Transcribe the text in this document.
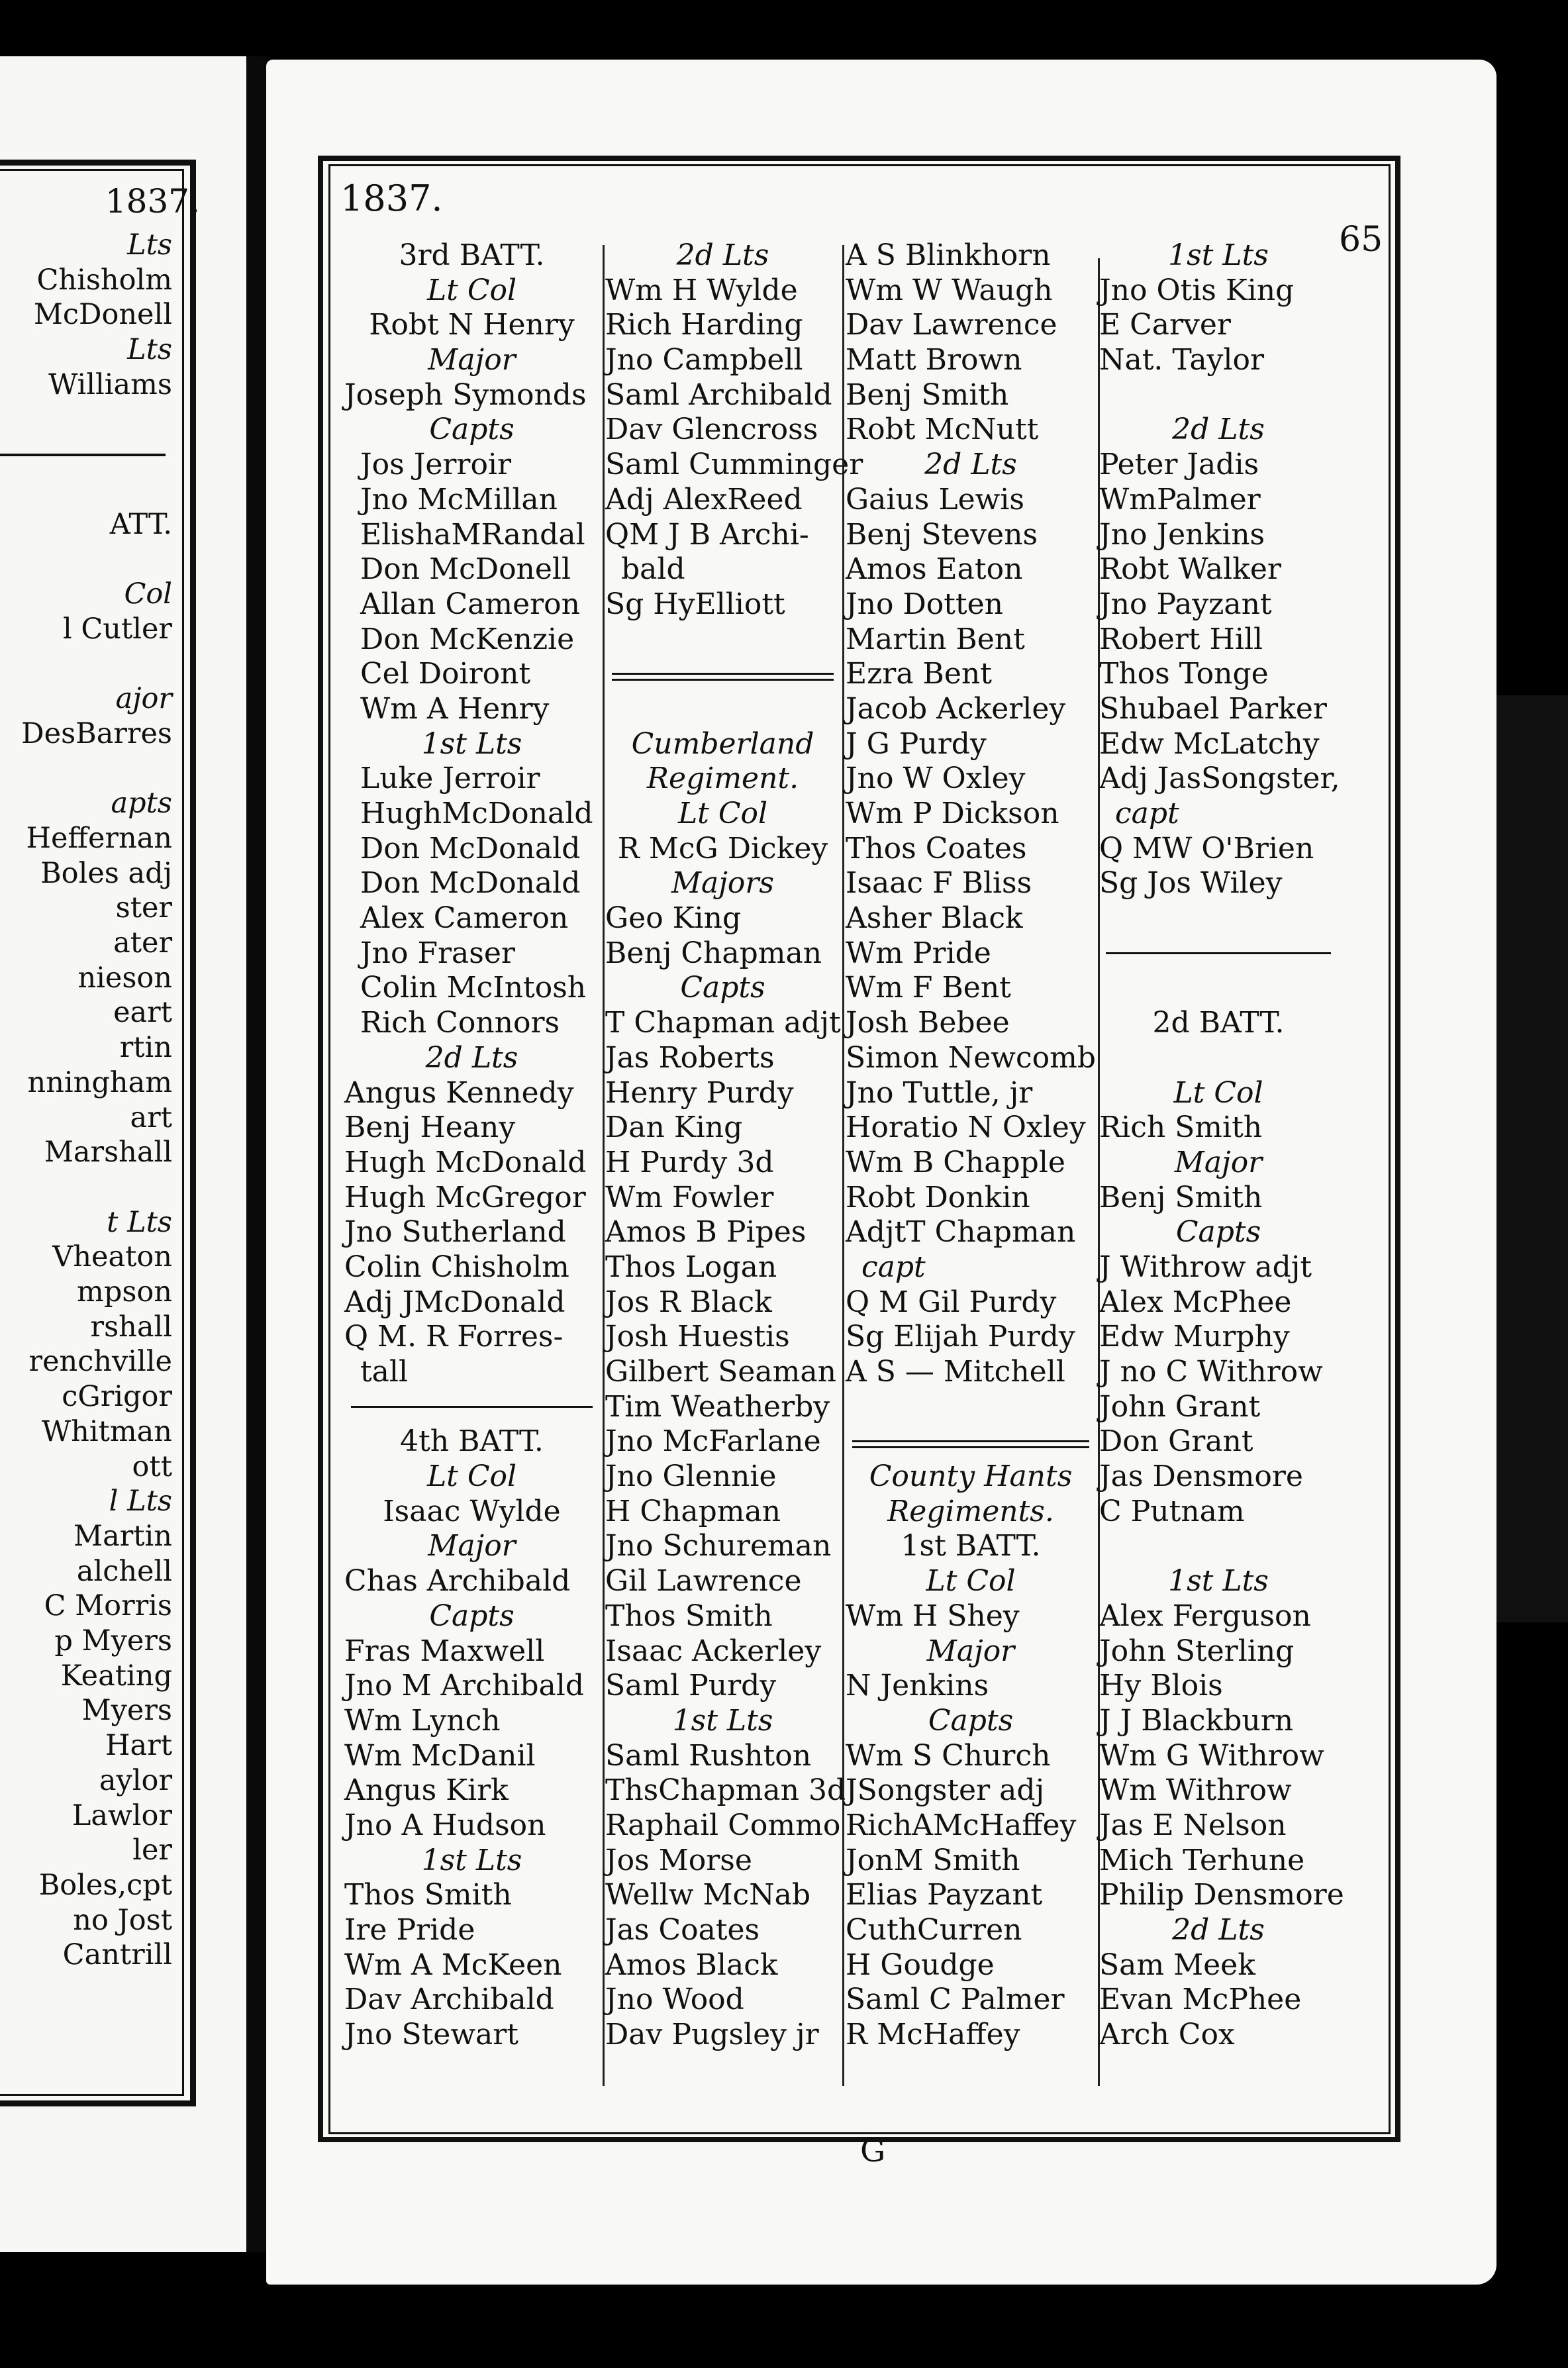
1837.
Lts
Chisholm
McDonell
Lts
Williams
ATT.
Col
l Cutler
ajor
DesBarres
apts
Heffernan
Boles adj
ster
ater
nieson
eart
rtin
nningham
art
Marshall
t Lts
Vheaton
mpson
rshall
renchville
cGrigor
Whitman
ott
l Lts
Martin
alchell
C Morris
p Myers
Keating
Myers
Hart
aylor
Lawlor
ler
Boles,cpt
no Jost
Cantrill
1837.
65
3rd BATT.
Lt Col
Robt N Henry
Major
Joseph Symonds
Capts
Jos Jerroir
Jno McMillan
ElishaMRandal
Don McDonell
Allan Cameron
Don McKenzie
Cel Doiront
Wm A Henry
1st Lts
Luke Jerroir
HughMcDonald
Don McDonald
Don McDonald
Alex Cameron
Jno Fraser
Colin McIntosh
Rich Connors
2d Lts
Angus Kennedy
Benj Heany
Hugh McDonald
Hugh McGregor
Jno Sutherland
Colin Chisholm
Adj JMcDonald
Q M. R Forres-
tall
4th BATT.
Lt Col
Isaac Wylde
Major
Chas Archibald
Capts
Fras Maxwell
Jno M Archibald
Wm Lynch
Wm McDanil
Angus Kirk
Jno A Hudson
1st Lts
Thos Smith
Ire Pride
Wm A McKeen
Dav Archibald
Jno Stewart
2d Lts
Wm H Wylde
Rich Harding
Jno Campbell
Saml Archibald
Dav Glencross
Saml Cumminger
Adj AlexReed
QM J B Archi-
bald
Sg HyElliott
Cumberland
Regiment.
Lt Col
R McG Dickey
Majors
Geo King
Benj Chapman
Capts
T Chapman adjt
Jas Roberts
Henry Purdy
Dan King
H Purdy 3d
Wm Fowler
Amos B Pipes
Thos Logan
Jos R Black
Josh Huestis
Gilbert Seaman
Tim Weatherby
Jno McFarlane
Jno Glennie
H Chapman
Jno Schureman
Gil Lawrence
Thos Smith
Isaac Ackerley
Saml Purdy
1st Lts
Saml Rushton
ThsChapman 3d
Raphail Commo
Jos Morse
Wellw McNab
Jas Coates
Amos Black
Jno Wood
Dav Pugsley jr
A S Blinkhorn
Wm W Waugh
Dav Lawrence
Matt Brown
Benj Smith
Robt McNutt
2d Lts
Gaius Lewis
Benj Stevens
Amos Eaton
Jno Dotten
Martin Bent
Ezra Bent
Jacob Ackerley
J G Purdy
Jno W Oxley
Wm P Dickson
Thos Coates
Isaac F Bliss
Asher Black
Wm Pride
Wm F Bent
Josh Bebee
Simon Newcomb
Jno Tuttle, jr
Horatio N Oxley
Wm B Chapple
Robt Donkin
AdjtT Chapman
capt
Q M Gil Purdy
Sg Elijah Purdy
A S — Mitchell
County Hants
Regiments.
1st BATT.
Lt Col
Wm H Shey
Major
N Jenkins
Capts
Wm S Church
JSongster adj
RichAMcHaffey
JonM Smith
Elias Payzant
CuthCurren
H Goudge
Saml C Palmer
R McHaffey
1st Lts
Jno Otis King
E Carver
Nat. Taylor
2d Lts
Peter Jadis
WmPalmer
Jno Jenkins
Robt Walker
Jno Payzant
Robert Hill
Thos Tonge
Shubael Parker
Edw McLatchy
Adj JasSongster,
capt
Q MW O'Brien
Sg Jos Wiley
2d BATT.
Lt Col
Rich Smith
Major
Benj Smith
Capts
J Withrow adjt
Alex McPhee
Edw Murphy
J no C Withrow
John Grant
Don Grant
Jas Densmore
C Putnam
1st Lts
Alex Ferguson
John Sterling
Hy Blois
J J Blackburn
Wm G Withrow
Wm Withrow
Jas E Nelson
Mich Terhune
Philip Densmore
2d Lts
Sam Meek
Evan McPhee
Arch Cox
G
